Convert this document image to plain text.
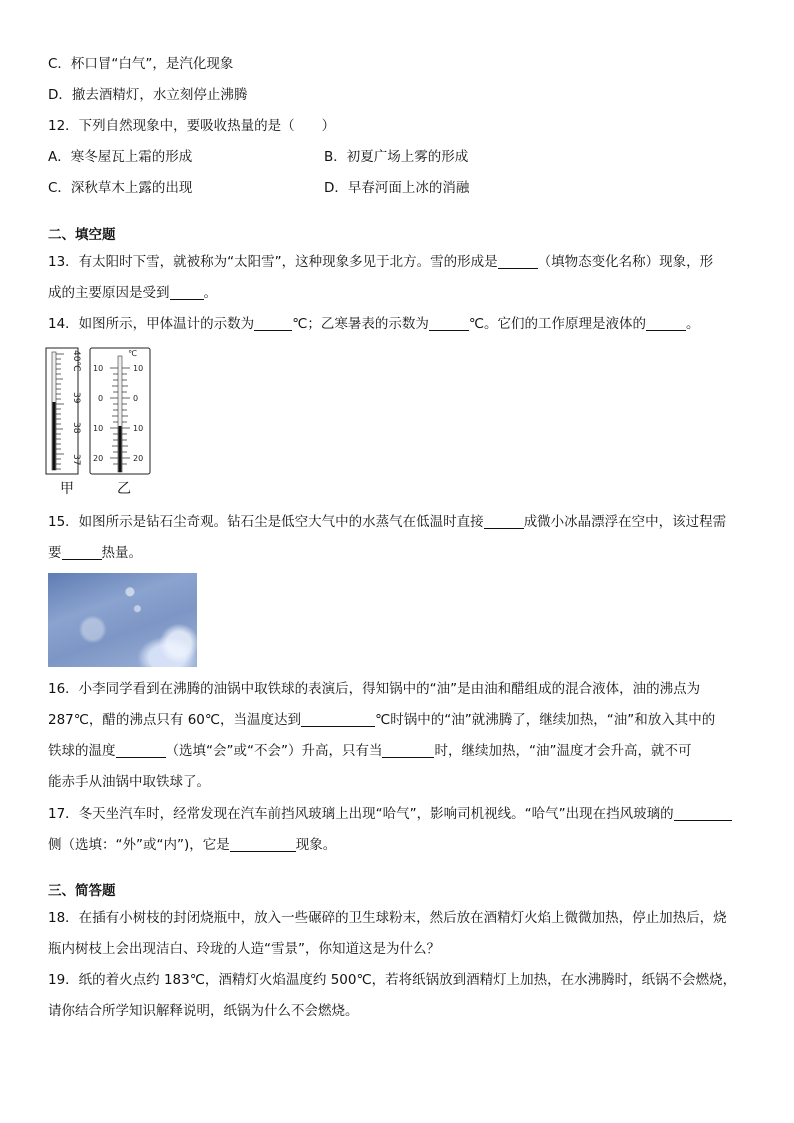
C．杯口冒“白气”，是汽化现象
D．撤去酒精灯，水立刻停止沸腾
12．下列自然现象中，要吸收热量的是（　　）
A．寒冬屋瓦上霜的形成	B．初夏广场上雾的形成
C．深秋草木上露的出现	D．早春河面上冰的消融
二、填空题
13．有太阳时下雪，就被称为“太阳雪”，这种现象多见于北方。雪的形成是	（填物态变化名称）现象，形
成的主要原因是受到	。
14．如图所示，甲体温计的示数为	℃；乙寒暑表的示数为	℃。它们的工作原理是液体的	。
40℃
39
38
37
℃
10
0
10
20
10
0
10
20
甲	乙
15．如图所示是钻石尘奇观。钻石尘是低空大气中的水蒸气在低温时直接	成微小冰晶漂浮在空中，该过程需
要	热量。
16．小李同学看到在沸腾的油锅中取铁球的表演后，得知锅中的“油”是由油和醋组成的混合液体，油的沸点为
287℃，醋的沸点只有 60℃，当温度达到	℃时锅中的“油”就沸腾了，继续加热，“油”和放入其中的
铁球的温度	（选填“会”或“不会”）升高，只有当	时，继续加热，“油”温度才会升高，就不可
能赤手从油锅中取铁球了。
17．冬天坐汽车时，经常发现在汽车前挡风玻璃上出现“哈气”，影响司机视线。“哈气”出现在挡风玻璃的
侧（选填：“外”或“内”)，它是	现象。
三、简答题
18．在插有小树枝的封闭烧瓶中，放入一些碾碎的卫生球粉末，然后放在酒精灯火焰上微微加热，停止加热后，烧
瓶内树枝上会出现洁白、玲珑的人造“雪景”，你知道这是为什么？
19．纸的着火点约 183℃，酒精灯火焰温度约 500℃，若将纸锅放到酒精灯上加热，在水沸腾时，纸锅不会燃烧，
请你结合所学知识解释说明，纸锅为什么不会燃烧。
